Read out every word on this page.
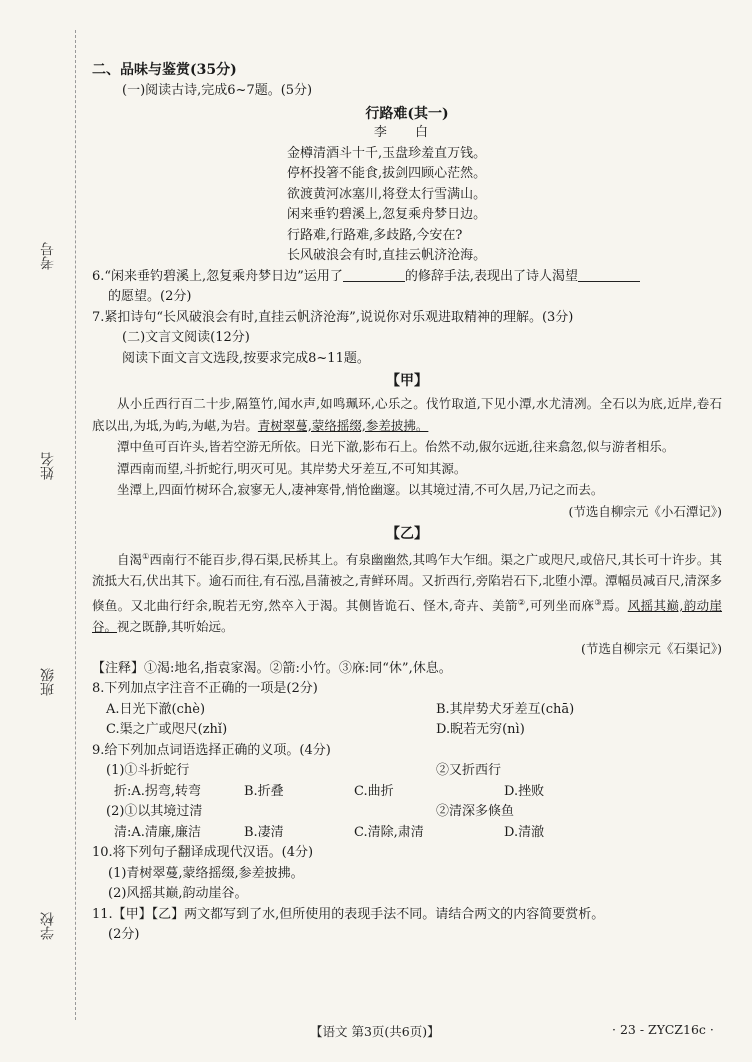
考号
姓名
班级
学校
二、品味与鉴赏(35分)
(一)阅读古诗,完成6~7题。(5分)
行路难(其一)
李 白
金樽清酒斗十千,玉盘珍羞直万钱。
停杯投箸不能食,拔剑四顾心茫然。
欲渡黄河冰塞川,将登太行雪满山。
闲来垂钓碧溪上,忽复乘舟梦日边。
行路难,行路难,多歧路,今安在?
长风破浪会有时,直挂云帆济沧海。
6.“闲来垂钓碧溪上,忽复乘舟梦日边”运用了	的修辞手法,表现出了诗人渴望
的愿望。(2分)
7.紧扣诗句“长风破浪会有时,直挂云帆济沧海”,说说你对乐观进取精神的理解。(3分)
(二)文言文阅读(12分)
阅读下面文言文选段,按要求完成8~11题。
【甲】
从小丘西行百二十步,隔篁竹,闻水声,如鸣珮环,心乐之。伐竹取道,下见小潭,水尤清冽。全石以为底,近岸,卷石底以出,为坻,为屿,为嵁,为岩。青树翠蔓,蒙络摇缀,参差披拂。
潭中鱼可百许头,皆若空游无所依。日光下澈,影布石上。佁然不动,俶尔远逝,往来翕忽,似与游者相乐。
潭西南而望,斗折蛇行,明灭可见。其岸势犬牙差互,不可知其源。
坐潭上,四面竹树环合,寂寥无人,凄神寒骨,悄怆幽邃。以其境过清,不可久居,乃记之而去。
(节选自柳宗元《小石潭记》)
【乙】
自渴①西南行不能百步,得石渠,民桥其上。有泉幽幽然,其鸣乍大乍细。渠之广或咫尺,或倍尺,其长可十许步。其流抵大石,伏出其下。逾石而往,有石泓,昌蒲被之,青鲜环周。又折西行,旁陷岩石下,北堕小潭。潭幅员减百尺,清深多倏鱼。又北曲行纡余,睨若无穷,然卒入于渴。其侧皆诡石、怪木,奇卉、美箭②,可列坐而庥③焉。风摇其巅,韵动崖谷。视之既静,其听始远。
(节选自柳宗元《石渠记》)
【注释】①渴:地名,指袁家渴。②箭:小竹。③庥:同“休”,休息。
8.下列加点字注音不正确的一项是(2分)
A.日光下澈(chè)	B.其岸势犬牙差互(chā)
C.渠之广或咫尺(zhǐ)	D.睨若无穷(nì)
9.给下列加点词语选择正确的义项。(4分)
(1)①斗折蛇行	②又折西行
折:A.拐弯,转弯	B.折叠	C.曲折	D.挫败
(2)①以其境过清	②清深多倏鱼
清:A.清廉,廉洁	B.凄清	C.清除,肃清	D.清澈
10.将下列句子翻译成现代汉语。(4分)
(1)青树翠蔓,蒙络摇缀,参差披拂。
(2)风摇其巅,韵动崖谷。
11.【甲】【乙】两文都写到了水,但所使用的表现手法不同。请结合两文的内容简要赏析。
(2分)
【语文 第3页(共6页)】	· 23 - ZYCZ16c ·
